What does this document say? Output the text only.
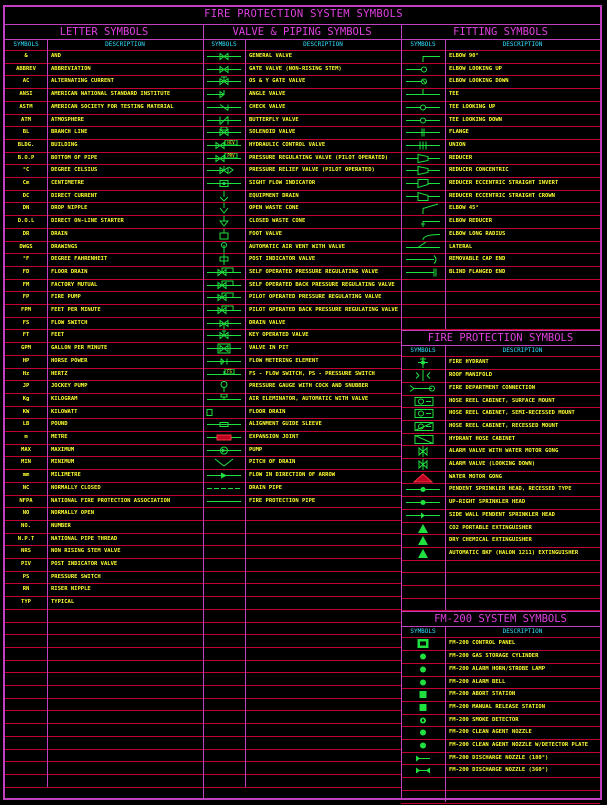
FIRE PROTECTION SYSTEM SYMBOLS
LETTER SYMBOLS
SYMBOLS	DESCRIPTION
&	AND
ABBREV	ABBREVIATION
AC	ALTERNATING CURRENT
ANSI	AMERICAN NATIONAL STANDARD INSTITUTE
ASTM	AMERICAN SOCIETY FOR TESTING MATERIAL
ATM	ATMOSPHERE
BL	BRANCH LINE
BLDG.	BUILDING
B.O.P	BOTTOM OF PIPE
°C	DEGREE CELSIUS
Cm	CENTIMETRE
DC	DIRECT CURRENT
DN	DROP NIPPLE
D.O.L	DIRECT ON-LINE STARTER
DR	DRAIN
DWGS	DRAWINGS
°F	DEGREE FAHRENHEIT
FD	FLOOR DRAIN
FM	FACTORY MUTUAL
FP	FIRE PUMP
FPM	FEET PER MINUTE
FS	FLOW SWITCH
FT	FEET
GPM	GALLON PER MINUTE
HP	HORSE POWER
Hz	HERTZ
JP	JOCKEY PUMP
Kg	KILOGRAM
KW	KILOWATT
LB	POUND
m	METRE
MAX	MAXIMUM
MIN	MINIMUM
mm	MILIMETRE
NC	NORMALLY CLOSED
NFPA	NATIONAL FIRE PROTECTION ASSOCIATION
NO	NORMALLY OPEN
NO.	NUMBER
N.P.T	NATIONAL PIPE THREAD
NRS	NON RISING STEM VALVE
PIV	POST INDICATOR VALVE
PS	PRESSURE SWITCH
RN	RISER NIPPLE
TYP	TYPICAL
VALVE & PIPING SYMBOLS
SYMBOLS	DESCRIPTION
GENERAL VALVE
GATE VALVE (NON-RISING STEM)
OS & Y GATE VALVE
ANGLE VALVE
CHECK VALVE
BUTTERFLY VALVE
SOLENOID VALVE
HCV	HYDRAULIC CONTROL VALVE
PRV	PRESSURE REGULATING VALVE (PILOT OPERATED)
PRESSURE RELIEF VALVE (PILOT OPERATED)
SIGHT FLOW INDICATOR
EQUIPMENT DRAIN
OPEN WASTE CONE
CLOSED WASTE CONE
FOOT VALVE
AUTOMATIC AIR VENT WITH VALVE
POST INDICATOR VALVE
SELF OPERATED PRESSURE REGULATING VALVE
SELF OPERATED BACK PRESSURE REGULATING VALVE
PILOT OPERATED PRESSURE REGULATING VALVE
PILOT OPERATED BACK PRESSURE REGULATING VALVE
DRAIN VALVE
KEY OPERATED VALVE
VALVE IN PIT
FLOW METERING ELEMENT
FS	FS - FLOW SWITCH, PS - PRESSURE SWITCH
PRESSURE GAUGE WITH COCK AND SNUBBER
AIR ELEMINATOR, AUTOMATIC WITH VALVE
FLOOR DRAIN
ALIGNMENT GUIDE SLEEVE
EXPANSION JOINT
PUMP
PITCH OF DRAIN
FLOW IN DIRECTION OF ARROW
DRAIN PIPE
FIRE PROTECTION PIPE
FITTING SYMBOLS
SYMBOLS	DESCRIPTION
ELBOW 90°
ELBOW LOOKING UP
ELBOW LOOKING DOWN
TEE
TEE LOOKING UP
TEE LOOKING DOWN
FLANGE
UNION
REDUCER
REDUCER CONCENTRIC
REDUCER ECCENTRIC STRAIGHT INVERT
REDUCER ECCENTRIC STRAIGHT CROWN
ELBOW 45°
ELBOW REDUCER
ELBOW LONG RADIUS
LATERAL
REMOVABLE CAP END
BLIND FLANGED END
FIRE PROTECTION SYMBOLS
SYMBOLS	DESCRIPTION
FIRE HYDRANT
ROOF MANIFOLD
FIRE DEPARTMENT CONNECTION
HOSE REEL CABINET, SURFACE MOUNT
HOSE REEL CABINET, SEMI-RECESSED MOUNT
HOSE REEL CABINET, RECESSED MOUNT
HYDRANT HOSE CABINET
ALARM VALVE WITH WATER MOTOR GONG
ALARM VALVE (LOOKING DOWN)
WATER MOTOR GONG
PENDENT SPRINKLER HEAD, RECESSED TYPE
UP-RIGHT SPRINKLER HEAD
SIDE WALL PENDENT SPRINKLER HEAD
CO2 PORTABLE EXTINGUISHER
DRY CHEMICAL EXTINGUISHER
AUTOMATIC BKF (HALON 1211) EXTINGUISHER
FM-200 SYSTEM SYMBOLS
SYMBOLS	DESCRIPTION
FM-200 CONTROL PANEL
FM-200 GAS STORAGE CYLINDER
FM-200 ALARM HORN/STROBE LAMP
FM-200 ALARM BELL
FM-200 ABORT STATION
FM-200 MANUAL RELEASE STATION
FM-200 SMOKE DETECTOR
FM-200 CLEAN AGENT NOZZLE
FM-200 CLEAN AGENT NOZZLE W/DETECTOR PLATE
FM-200 DISCHARGE NOZZLE (180°)
FM-200 DISCHARGE NOZZLE (360°)
